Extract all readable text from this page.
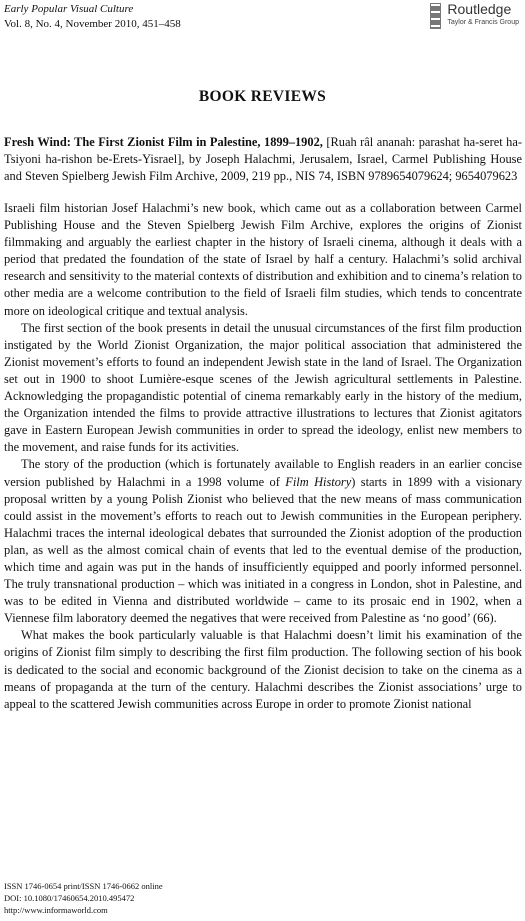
Early Popular Visual Culture
Vol. 8, No. 4, November 2010, 451–458
Routledge
Taylor & Francis Group
BOOK REVIEWS
Fresh Wind: The First Zionist Film in Palestine, 1899–1902, [Ruah râl ananah: parashat ha-seret ha-Tsiyoni ha-rishon be-Erets-Yisrael], by Joseph Halachmi, Jerusalem, Israel, Carmel Publishing House and Steven Spielberg Jewish Film Archive, 2009, 219 pp., NIS 74, ISBN 9789654079624; 9654079623

Israeli film historian Josef Halachmi’s new book, which came out as a collaboration between Carmel Publishing House and the Steven Spielberg Jewish Film Archive, explores the origins of Zionist filmmaking and arguably the earliest chapter in the history of Israeli cinema, although it deals with a period that predated the foundation of the state of Israel by half a century. Halachmi’s solid archival research and sensitivity to the material contexts of distribution and exhibition and to cinema’s relation to other media are a welcome contribution to the field of Israeli film studies, which tends to concentrate more on ideological critique and textual analysis.

The first section of the book presents in detail the unusual circumstances of the first film production instigated by the World Zionist Organization, the major political association that administered the Zionist movement’s efforts to found an independent Jewish state in the land of Israel. The Organization set out in 1900 to shoot Lumière-esque scenes of the Jewish agricultural settlements in Palestine. Acknowledging the propagandistic potential of cinema remarkably early in the history of the medium, the Organization intended the films to provide attractive illustrations to lectures that Zionist agitators gave in Eastern European Jewish communities in order to spread the ideology, enlist new members to the movement, and raise funds for its activities.

The story of the production (which is fortunately available to English readers in an earlier concise version published by Halachmi in a 1998 volume of Film History) starts in 1899 with a visionary proposal written by a young Polish Zionist who believed that the new means of mass communication could assist in the movement’s efforts to reach out to Jewish communities in the European periphery. Halachmi traces the internal ideological debates that surrounded the Zionist adoption of the production plan, as well as the almost comical chain of events that led to the eventual demise of the production, which time and again was put in the hands of insufficiently equipped and poorly informed personnel. The truly transnational production – which was initiated in a congress in London, shot in Palestine, and was to be edited in Vienna and distributed worldwide – came to its prosaic end in 1902, when a Viennese film laboratory deemed the negatives that were received from Palestine as ‘no good’ (66).

What makes the book particularly valuable is that Halachmi doesn’t limit his examination of the origins of Zionist film simply to describing the first film production. The following section of his book is dedicated to the social and economic background of the Zionist decision to take on the cinema as a means of propaganda at the turn of the century. Halachmi describes the Zionist associations’ urge to appeal to the scattered Jewish communities across Europe in order to promote Zionist national

ISSN 1746-0654 print/ISSN 1746-0662 online
DOI: 10.1080/17460654.2010.495472
http://www.informaworld.com
